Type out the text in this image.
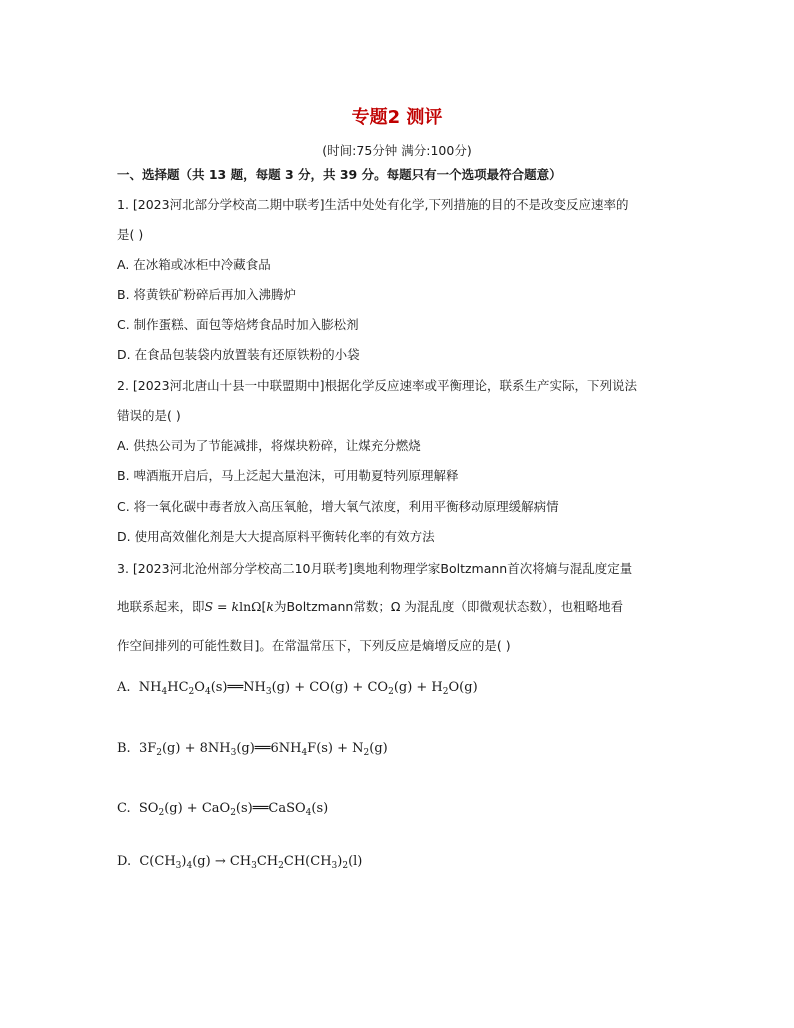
专题2 测评
(时间:75分钟 满分:100分)
一、选择题（共 13 题，每题 3 分，共 39 分。每题只有一个选项最符合题意）
1. [2023河北部分学校高二期中联考]生活中处处有化学,下列措施的目的不是改变反应速率的
是( )
A. 在冰箱或冰柜中冷藏食品
B. 将黄铁矿粉碎后再加入沸腾炉
C. 制作蛋糕、面包等焙烤食品时加入膨松剂
D. 在食品包装袋内放置装有还原铁粉的小袋
2. [2023河北唐山十县一中联盟期中]根据化学反应速率或平衡理论，联系生产实际，下列说法
错误的是( )
A. 供热公司为了节能减排，将煤块粉碎，让煤充分燃烧
B. 啤酒瓶开启后，马上泛起大量泡沫，可用勒夏特列原理解释
C. 将一氧化碳中毒者放入高压氧舱，增大氧气浓度，利用平衡移动原理缓解病情
D. 使用高效催化剂是大大提高原料平衡转化率的有效方法
3. [2023河北沧州部分学校高二10月联考]奥地利物理学家Boltzmann首次将熵与混乱度定量
地联系起来，即S = klnΩ[k为Boltzmann常数；Ω 为混乱度（即微观状态数），也粗略地看
作空间排列的可能性数目]。在常温常压下，下列反应是熵增反应的是( )
A. $NH_4HC_2O_4(s)══NH_3(g) + CO(g) + CO_2(g) + H_2O(g)$
B. $3F_2(g)$ + $8NH_3(g)══6NH_4F(s) + N_2(g)$
C. $SO_2(g)$ + CaO$_2$(s)══CaSO$_4$(s)
D. $C(CH_3)_4(g) \to CH_3CH_2CH(CH_3)_2(l)$
